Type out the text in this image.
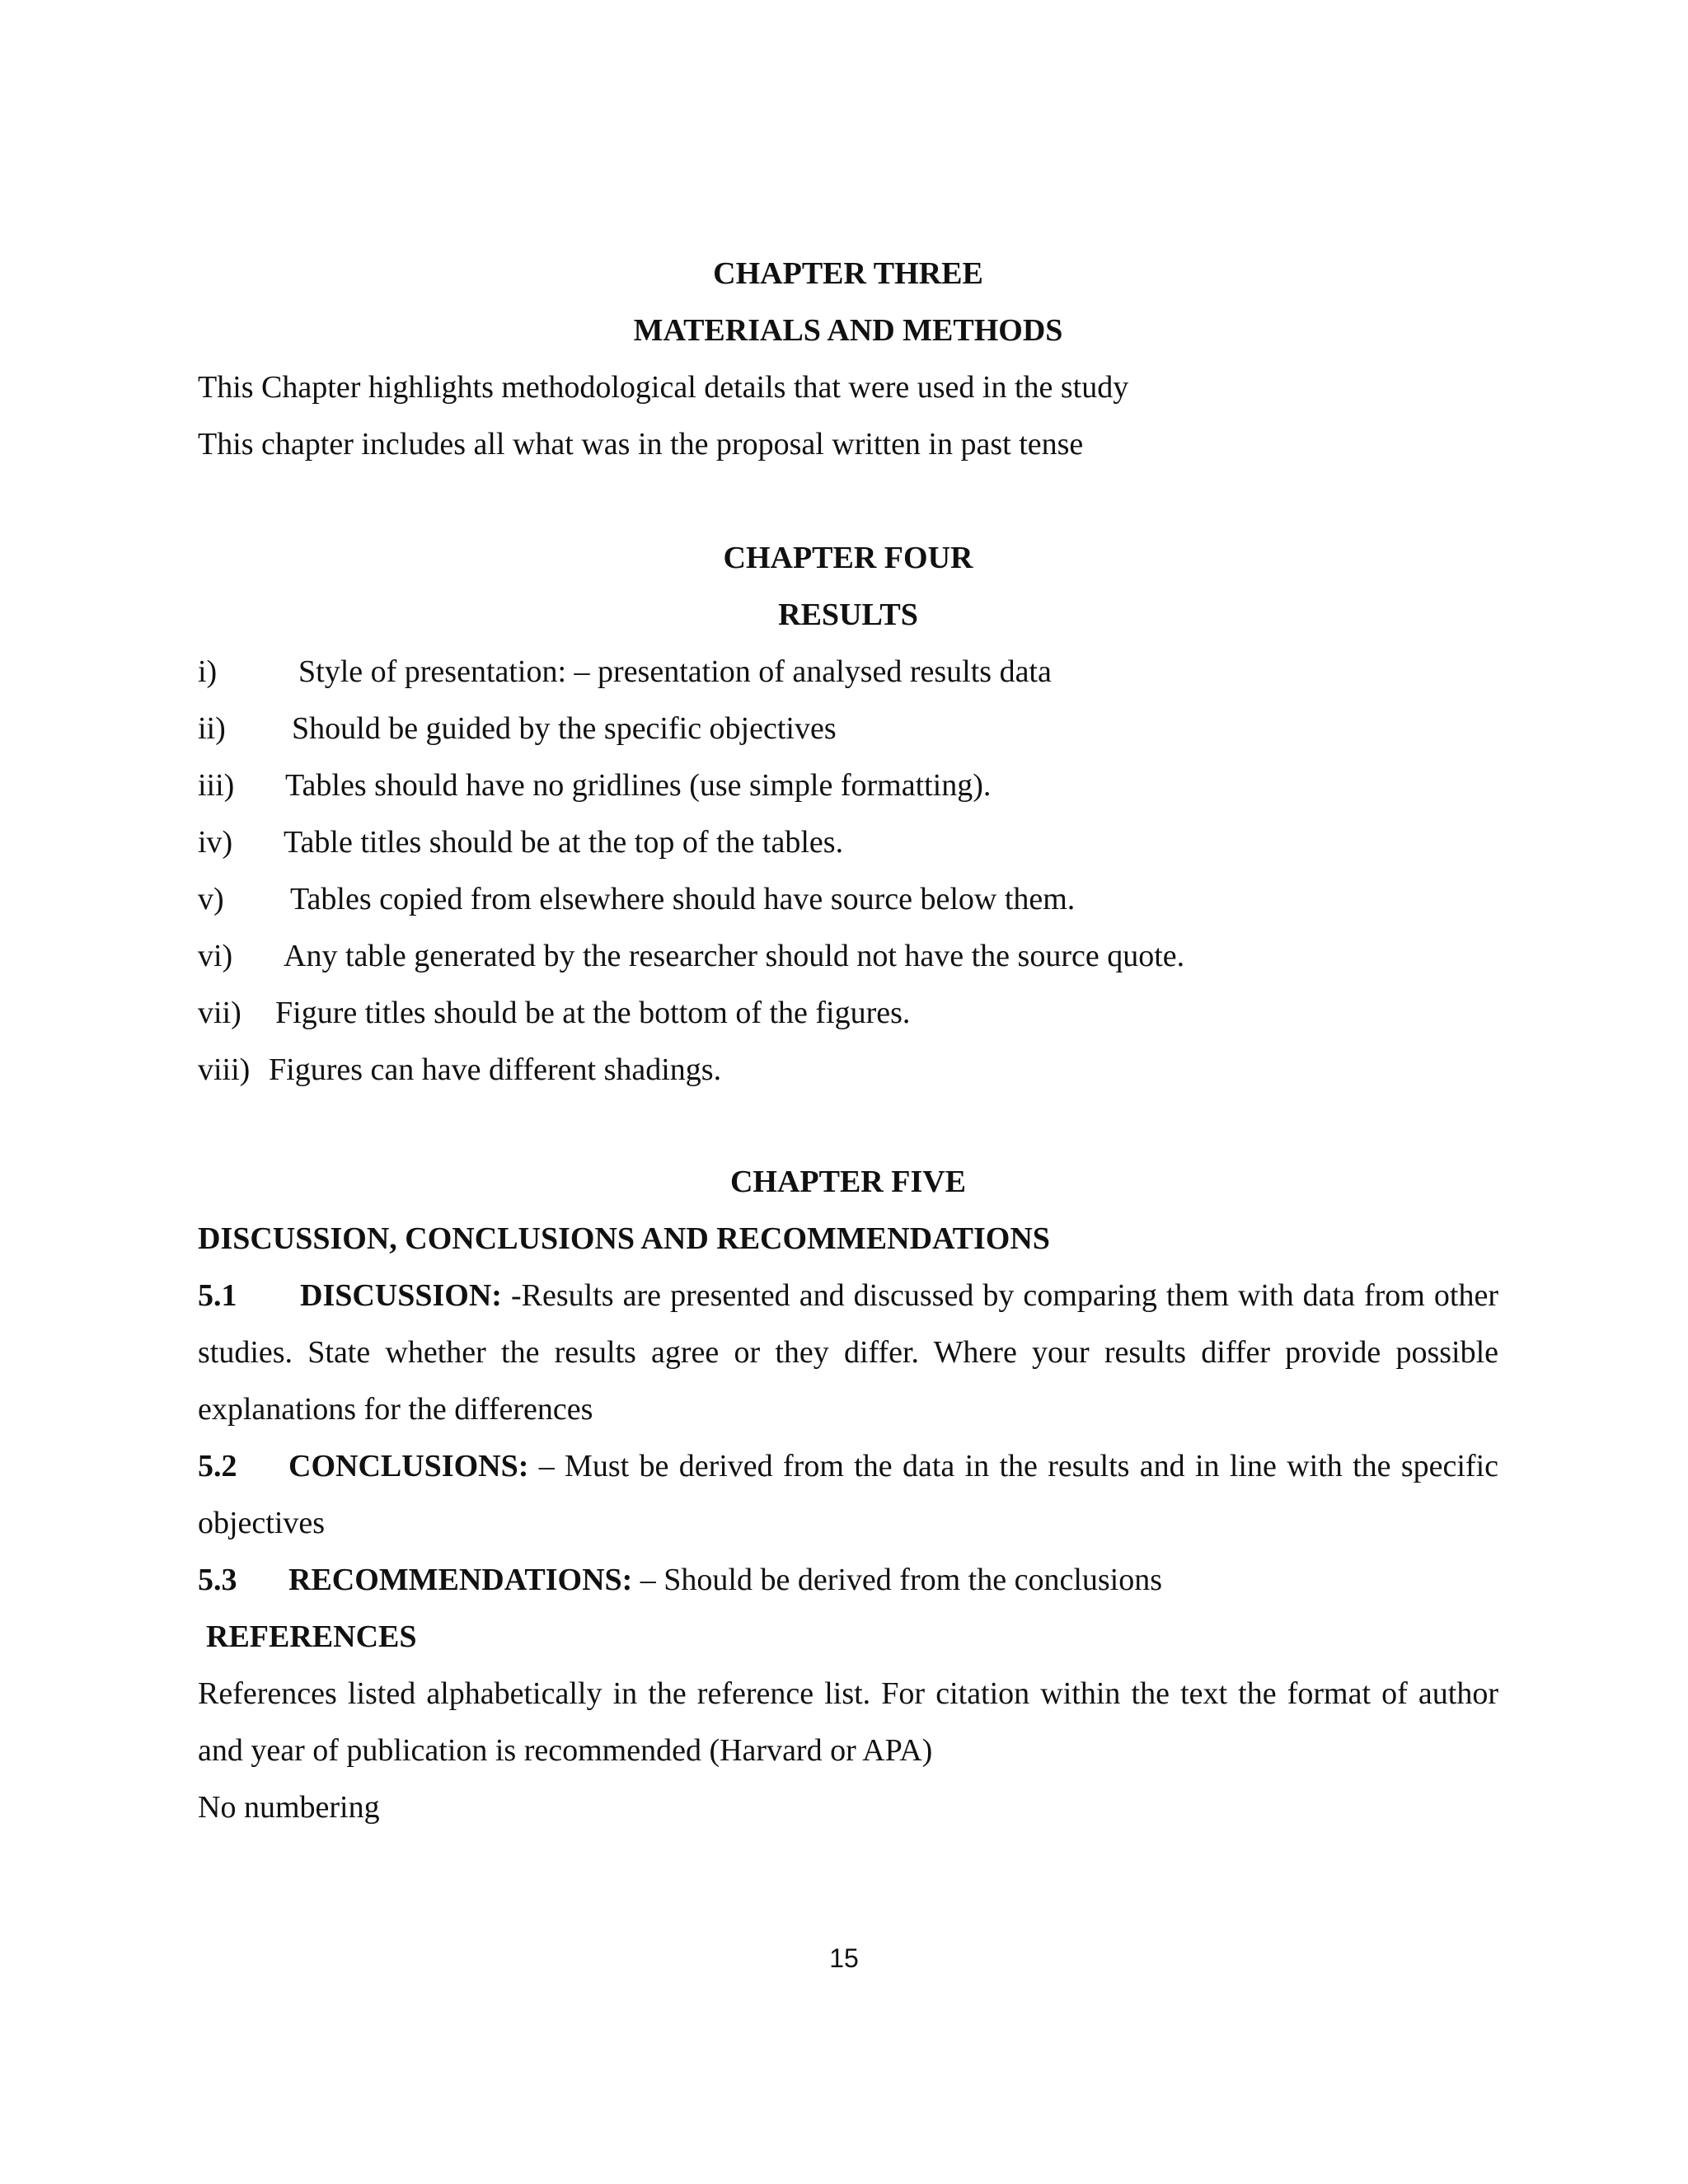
CHAPTER THREE
MATERIALS AND METHODS
This Chapter highlights methodological details that were used in the study
This chapter includes all what was in the proposal written in past tense
CHAPTER FOUR
RESULTS
i)	Style of presentation: – presentation of analysed results data
ii) Should be guided by the specific objectives
iii) Tables should have no gridlines (use simple formatting).
iv) Table titles should be at the top of the tables.
v) Tables copied from elsewhere should have source below them.
vi) Any table generated by the researcher should not have the source quote.
vii) Figure titles should be at the bottom of the figures.
viii) Figures can have different shadings.
CHAPTER FIVE
DISCUSSION, CONCLUSIONS AND RECOMMENDATIONS
5.1 DISCUSSION: -Results are presented and discussed by comparing them with data from other studies. State whether the results agree or they differ. Where your results differ provide possible explanations for the differences
5.2 CONCLUSIONS: – Must be derived from the data in the results and in line with the specific objectives
5.3 RECOMMENDATIONS: – Should be derived from the conclusions
REFERENCES
References listed alphabetically in the reference list. For citation within the text the format of author and year of publication is recommended (Harvard or APA)
No numbering
15
